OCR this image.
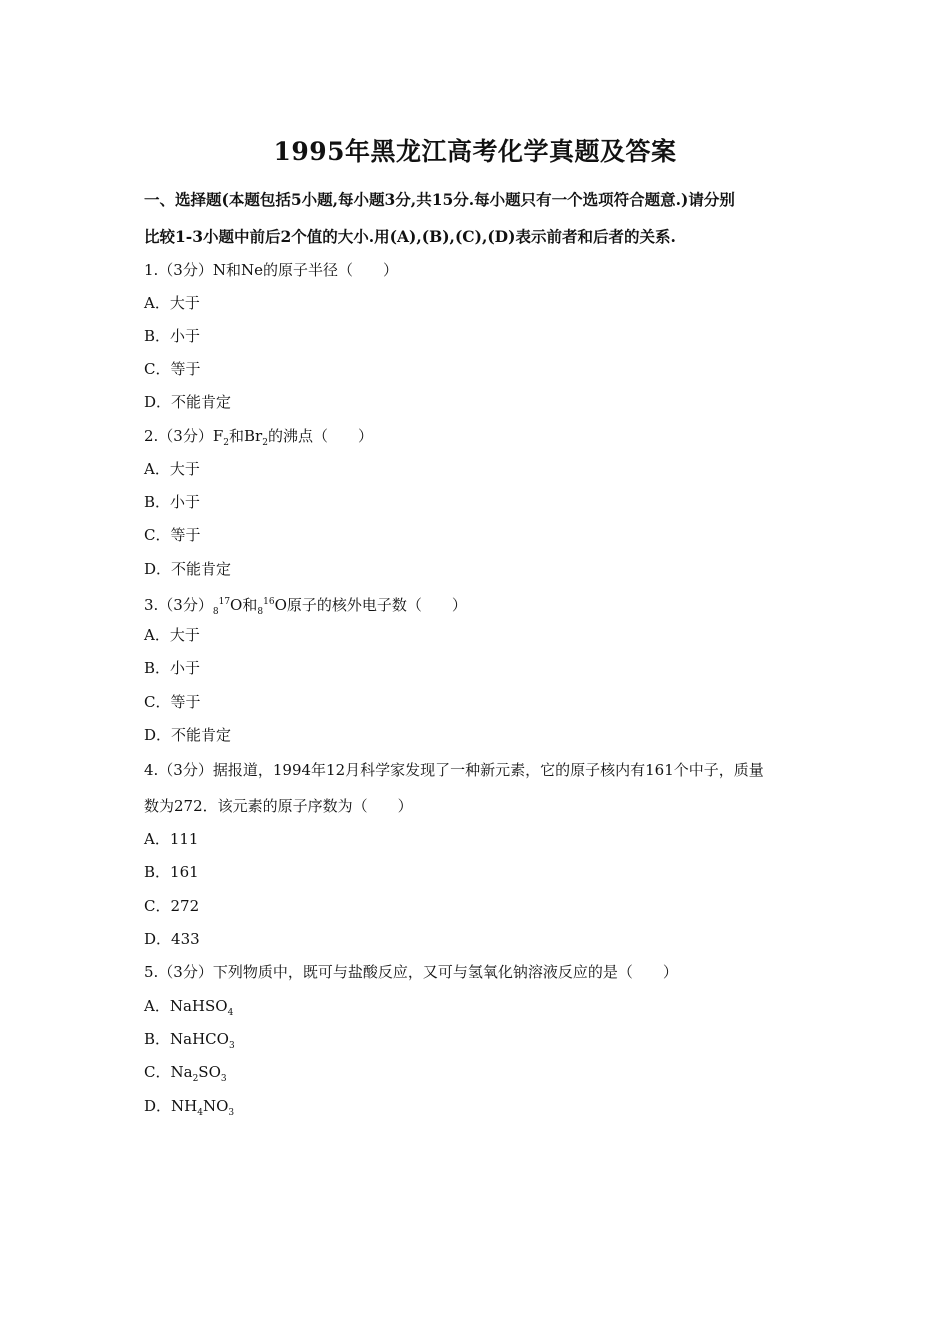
1995年黑龙江高考化学真题及答案
一、选择题(本题包括5小题,每小题3分,共15分.每小题只有一个选项符合题意.)请分别
比较1-3小题中前后2个值的大小.用(A),(B),(C),(D)表示前者和后者的关系.
1.（3分）N和Ne的原子半径（　　）
A．大于
B．小于
C．等于
D．不能肯定
2.（3分）$F_2$和$Br_2$的沸点（　　）
A．大于
B．小于
C．等于
D．不能肯定
3.（3分）$_8^{17}O$和$_8^{16}$O原子的核外电子数（　　）
A．大于
B．小于
C．等于
D．不能肯定
4.（3分）据报道，1994年12月科学家发现了一种新元素，它的原子核内有161个中子，质量
数为272．该元素的原子序数为（　　）
A．111
B．161
C．272
D．433
5.（3分）下列物质中，既可与盐酸反应，又可与氢氧化钠溶液反应的是（　　）
A．NaHSO$_4$
B．NaHCO$_3$
C．$Na_2SO_3$
D．$NH_4NO_3$
